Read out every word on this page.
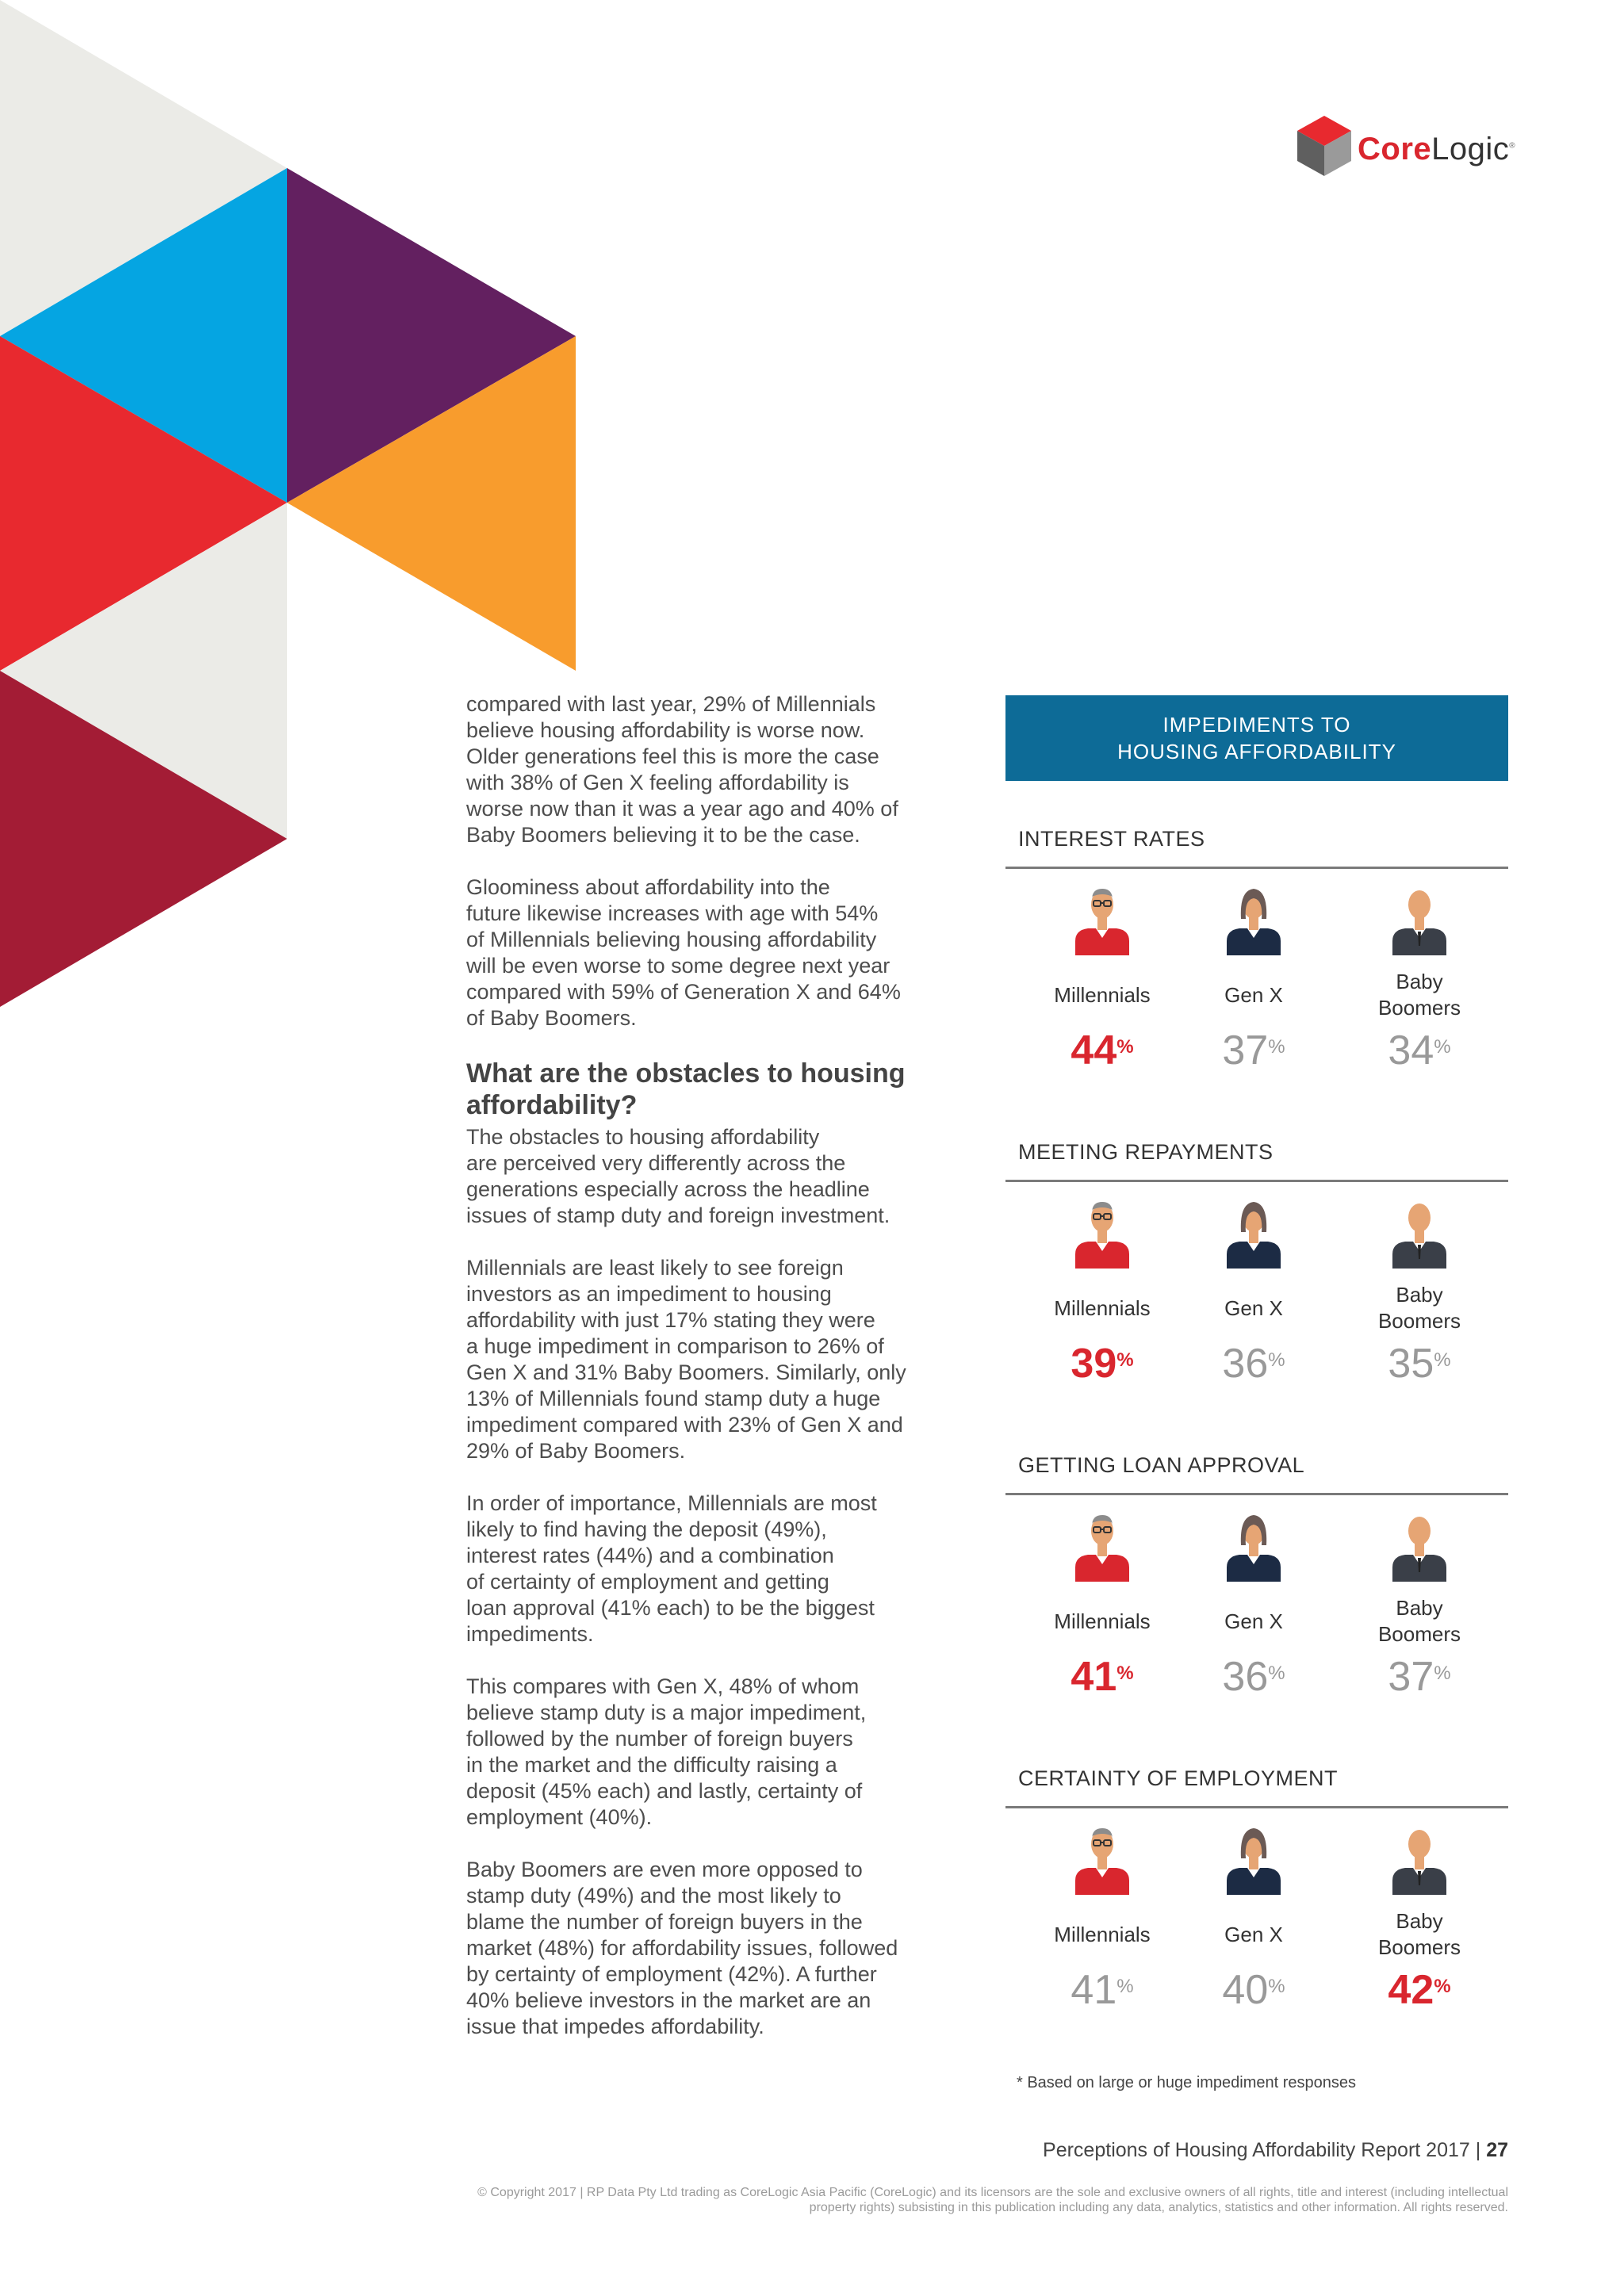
CoreLogic®

compared with last year, 29% of Millennials
believe housing affordability is worse now.
Older generations feel this is more the case
with 38% of Gen X feeling affordability is
worse now than it was a year ago and 40% of
Baby Boomers believing it to be the case.

Gloominess about affordability into the
future likewise increases with age with 54%
of Millennials believing housing affordability
will be even worse to some degree next year
compared with 59% of Generation X and 64%
of Baby Boomers.

What are the obstacles to housing
affordability?

The obstacles to housing affordability
are perceived very differently across the
generations especially across the headline
issues of stamp duty and foreign investment.

Millennials are least likely to see foreign
investors as an impediment to housing
affordability with just 17% stating they were
a huge impediment in comparison to 26% of
Gen X and 31% Baby Boomers. Similarly, only
13% of Millennials found stamp duty a huge
impediment compared with 23% of Gen X and
29% of Baby Boomers.

In order of importance, Millennials are most
likely to find having the deposit (49%),
interest rates (44%) and a combination
of certainty of employment and getting
loan approval (41% each) to be the biggest
impediments.

This compares with Gen X, 48% of whom
believe stamp duty is a major impediment,
followed by the number of foreign buyers
in the market and the difficulty raising a
deposit (45% each) and lastly, certainty of
employment (40%).

Baby Boomers are even more opposed to
stamp duty (49%) and the most likely to
blame the number of foreign buyers in the
market (48%) for affordability issues, followed
by certainty of employment (42%). A further
40% believe investors in the market are an
issue that impedes affordability.

IMPEDIMENTS TO
HOUSING AFFORDABILITY
INTEREST RATES
Millennials
44%
Gen X
37%
Baby
Boomers
34%
MEETING REPAYMENTS
Millennials
39%
Gen X
36%
Baby
Boomers
35%
GETTING LOAN APPROVAL
Millennials
41%
Gen X
36%
Baby
Boomers
37%
CERTAINTY OF EMPLOYMENT
Millennials
41%
Gen X
40%
Baby
Boomers
42%
* Based on large or huge impediment responses
Perceptions of Housing Affordability Report 2017 | 27
© Copyright 2017 | RP Data Pty Ltd trading as CoreLogic Asia Pacific (CoreLogic) and its licensors are the sole and exclusive owners of all rights, title and interest (including intellectual property rights) subsisting in this publication including any data, analytics, statistics and other information. All rights reserved.
